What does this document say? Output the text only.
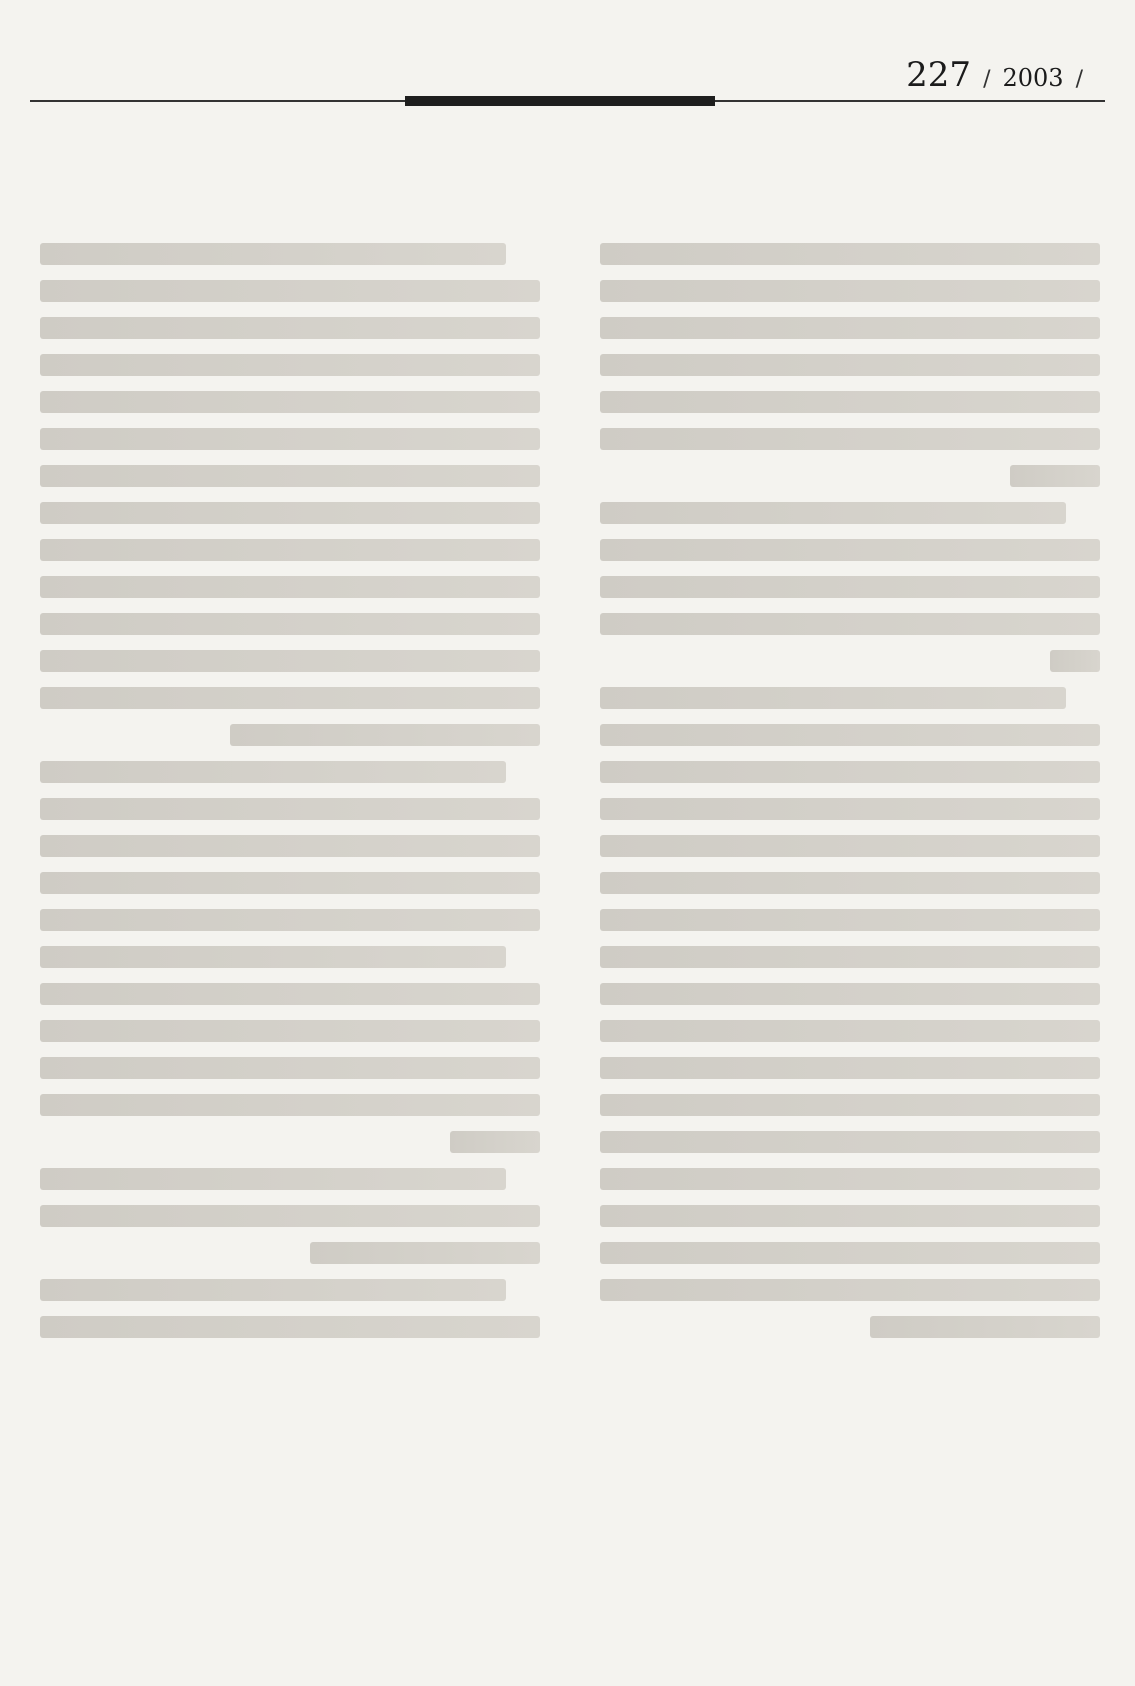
/
2003
/
227
